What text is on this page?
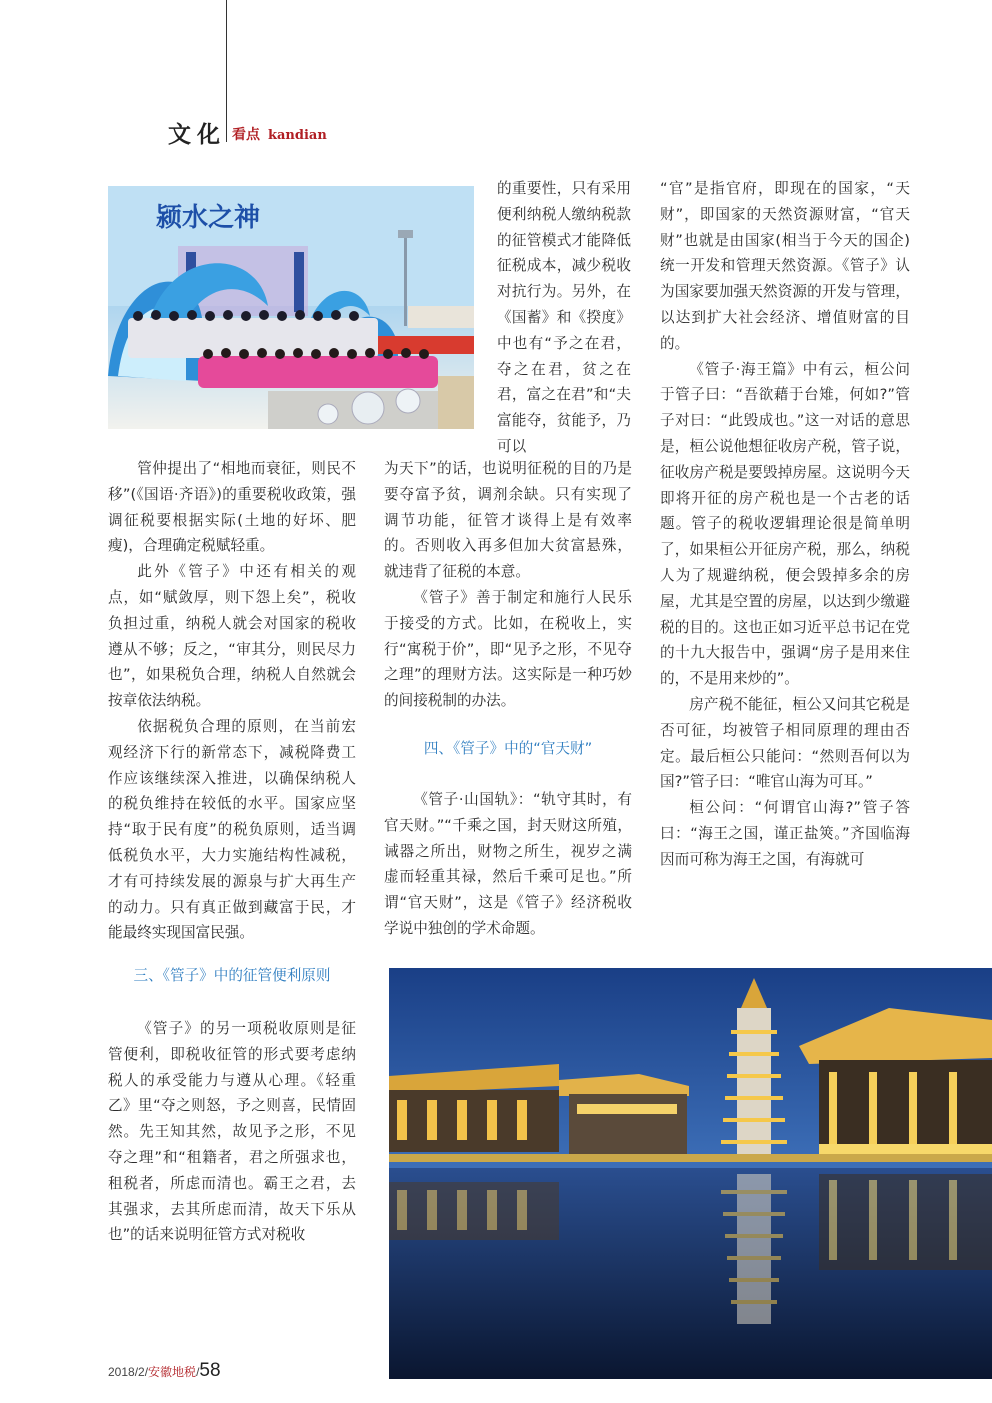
文化 看点 kandian
颍水之神

的重要性，只有采用便利纳税人缴纳税款的征管模式才能降低征税成本，减少税收对抗行为。另外，在《国蓄》和《揆度》中也有“予之在君，夺之在君，贫之在君，富之在君”和“夫富能夺，贫能予，乃可以

管仲提出了“相地而衰征，则民不移”(《国语·齐语》)的重要税收政策，强调征税要根据实际(土地的好坏、肥瘦)，合理确定税赋轻重。

此外《管子》中还有相关的观点，如“赋敛厚，则下怨上矣”，税收负担过重，纳税人就会对国家的税收遵从不够；反之，“审其分，则民尽力也”，如果税负合理，纳税人自然就会按章依法纳税。

依据税负合理的原则，在当前宏观经济下行的新常态下，减税降费工作应该继续深入推进，以确保纳税人的税负维持在较低的水平。国家应坚持“取于民有度”的税负原则，适当调低税负水平，大力实施结构性减税，才有可持续发展的源泉与扩大再生产的动力。只有真正做到藏富于民，才能最终实现国富民强。

三、《管子》中的征管便利原则

《管子》的另一项税收原则是征管便利，即税收征管的形式要考虑纳税人的承受能力与遵从心理。《轻重乙》里“夺之则怒，予之则喜，民情固然。先王知其然，故见予之形，不见夺之理”和“租籍者，君之所强求也，租税者，所虑而清也。霸王之君，去其强求，去其所虑而清，故天下乐从也”的话来说明征管方式对税收

为天下”的话，也说明征税的目的乃是要夺富予贫，调剂余缺。只有实现了调节功能，征管才谈得上是有效率的。否则收入再多但加大贫富悬殊，就违背了征税的本意。

《管子》善于制定和施行人民乐于接受的方式。比如，在税收上，实行“寓税于价”，即“见予之形，不见夺之理”的理财方法。这实际是一种巧妙的间接税制的办法。

四、《管子》中的“官天财”

《管子·山国轨》：“轨守其时，有官天财。”“千乘之国，封天财这所殖，诫器之所出，财物之所生，视岁之满虚而轻重其禄，然后千乘可足也。”所谓“官天财”，这是《管子》经济税收学说中独创的学术命题。

“官”是指官府，即现在的国家，“天财”，即国家的天然资源财富，“官天财”也就是由国家(相当于今天的国企)统一开发和管理天然资源。《管子》认为国家要加强天然资源的开发与管理，以达到扩大社会经济、增值财富的目的。

《管子·海王篇》中有云，桓公问于管子曰：“吾欲藉于台雉，何如?”管子对曰：“此毁成也。”这一对话的意思是，桓公说他想征收房产税，管子说，征收房产税是要毁掉房屋。这说明今天即将开征的房产税也是一个古老的话题。管子的税收逻辑理论很是简单明了，如果桓公开征房产税，那么，纳税人为了规避纳税，便会毁掉多余的房屋，尤其是空置的房屋，以达到少缴避税的目的。这也正如习近平总书记在党的十九大报告中，强调“房子是用来住的，不是用来炒的”。

房产税不能征，桓公又问其它税是否可征，均被管子相同原理的理由否定。最后桓公只能问：“然则吾何以为国?”管子曰：“唯官山海为可耳。”

桓公问：“何谓官山海?”管子答曰：“海王之国，谨正盐筴。”齐国临海因而可称为海王之国，有海就可

2018/2/安徽地税/58
